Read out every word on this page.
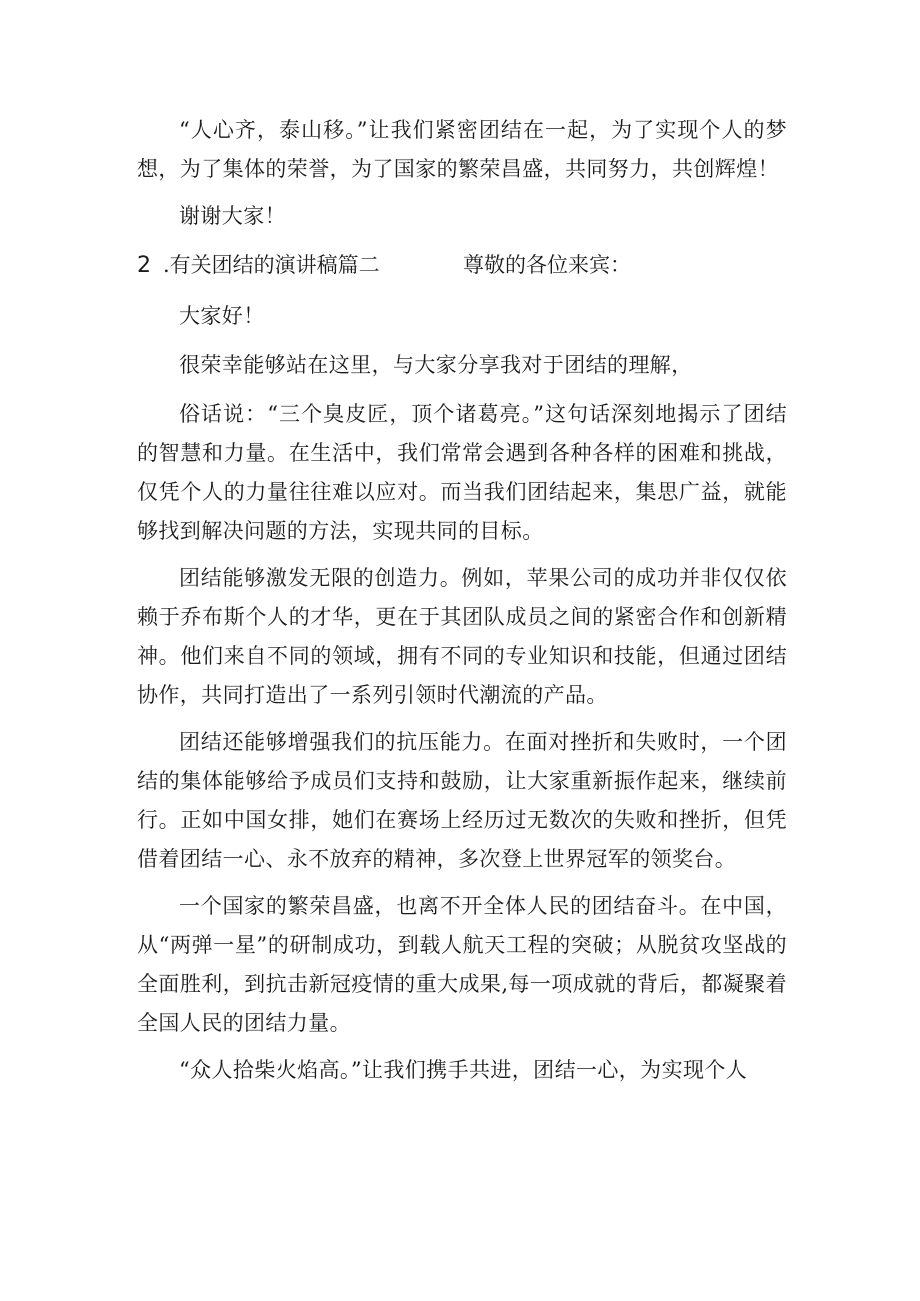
“人心齐，泰山移。”让我们紧密团结在一起，为了实现个人的梦想，为了集体的荣誉，为了国家的繁荣昌盛，共同努力，共创辉煌！

谢谢大家！

2 .有关团结的演讲稿篇二	尊敬的各位来宾：

大家好！

很荣幸能够站在这里，与大家分享我对于团结的理解，

俗话说：“三个臭皮匠，顶个诸葛亮。”这句话深刻地揭示了团结的智慧和力量。在生活中，我们常常会遇到各种各样的困难和挑战，仅凭个人的力量往往难以应对。而当我们团结起来，集思广益，就能够找到解决问题的方法，实现共同的目标。

团结能够激发无限的创造力。例如，苹果公司的成功并非仅仅依赖于乔布斯个人的才华，更在于其团队成员之间的紧密合作和创新精神。他们来自不同的领域，拥有不同的专业知识和技能，但通过团结协作，共同打造出了一系列引领时代潮流的产品。

团结还能够增强我们的抗压能力。在面对挫折和失败时，一个团结的集体能够给予成员们支持和鼓励，让大家重新振作起来，继续前行。正如中国女排，她们在赛场上经历过无数次的失败和挫折，但凭借着团结一心、永不放弃的精神，多次登上世界冠军的领奖台。

一个国家的繁荣昌盛，也离不开全体人民的团结奋斗。在中国，从“两弹一星”的研制成功，到载人航天工程的突破；从脱贫攻坚战的全面胜利，到抗击新冠疫情的重大成果,每一项成就的背后，都凝聚着全国人民的团结力量。

“众人拾柴火焰高。”让我们携手共进，团结一心，为实现个人
